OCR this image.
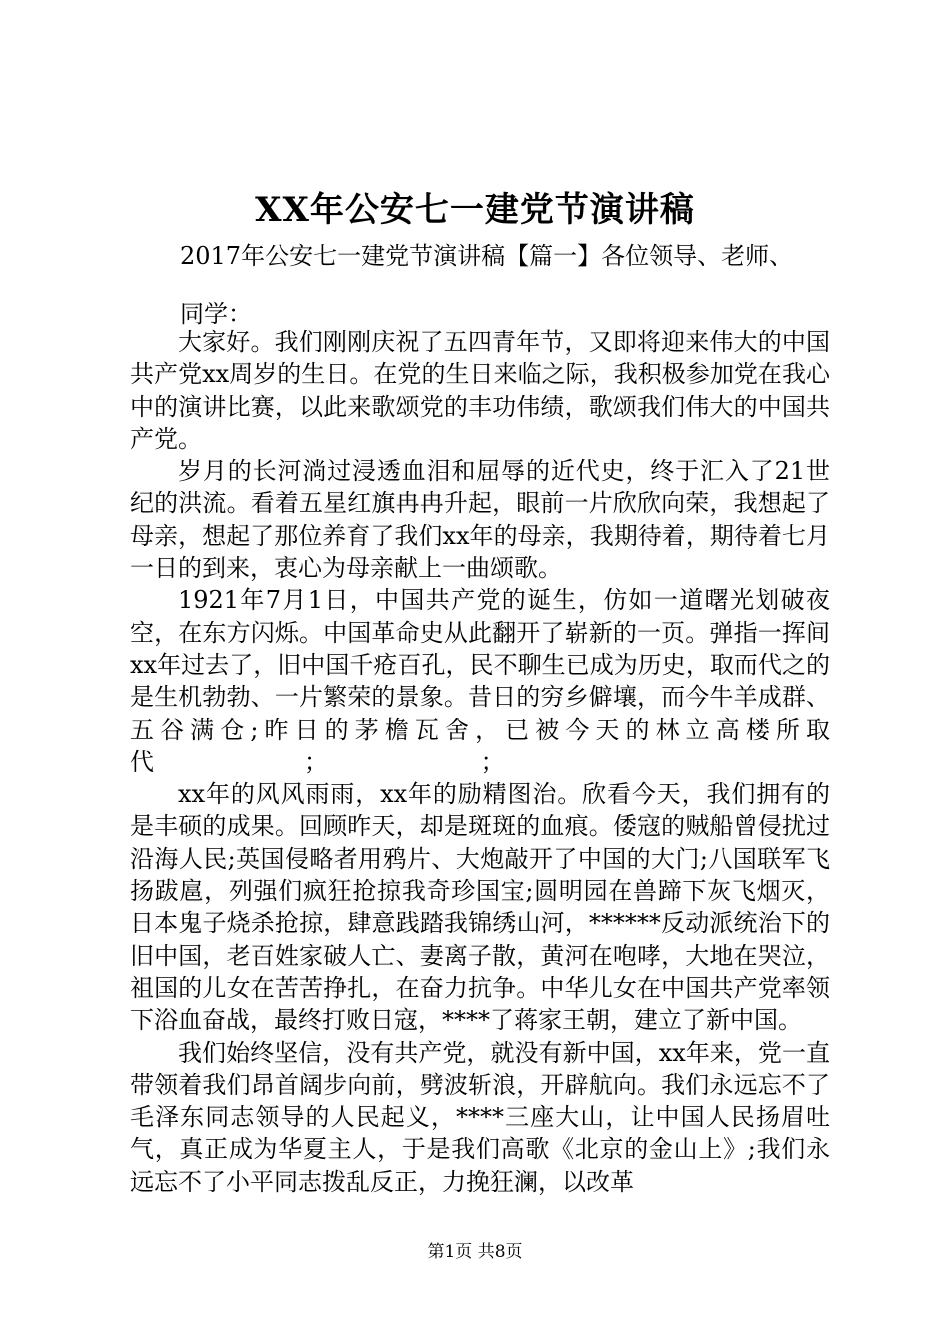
XX年公安七一建党节演讲稿
2017年公安七一建党节演讲稿【篇一】各位领导、老师、
同学：

大家好。我们刚刚庆祝了五四青年节，又即将迎来伟大的中国共产党xx周岁的生日。在党的生日来临之际，我积极参加党在我心中的演讲比赛，以此来歌颂党的丰功伟绩，歌颂我们伟大的中国共产党。

岁月的长河淌过浸透血泪和屈辱的近代史，终于汇入了21世纪的洪流。看着五星红旗冉冉升起，眼前一片欣欣向荣，我想起了母亲，想起了那位养育了我们xx年的母亲，我期待着，期待着七月一日的到来，衷心为母亲献上一曲颂歌。

1921年7月1日，中国共产党的诞生，仿如一道曙光划破夜空，在东方闪烁。中国革命史从此翻开了崭新的一页。弹指一挥间xx年过去了，旧中国千疮百孔，民不聊生已成为历史，取而代之的是生机勃勃、一片繁荣的景象。昔日的穷乡僻壤，而今牛羊成群、五谷满仓;昨日的茅檐瓦舍，已被今天的林立高楼所取代	；                    ；

xx年的风风雨雨，xx年的励精图治。欣看今天，我们拥有的是丰硕的成果。回顾昨天，却是斑斑的血痕。倭寇的贼船曾侵扰过沿海人民;英国侵略者用鸦片、大炮敲开了中国的大门;八国联军飞扬跋扈，列强们疯狂抢掠我奇珍国宝;圆明园在兽蹄下灰飞烟灭，日本鬼子烧杀抢掠，肆意践踏我锦绣山河，******反动派统治下的旧中国，老百姓家破人亡、妻离子散，黄河在咆哮，大地在哭泣，祖国的儿女在苦苦挣扎，在奋力抗争。中华儿女在中国共产党率领下浴血奋战，最终打败日寇，****了蒋家王朝，建立了新中国。

我们始终坚信，没有共产党，就没有新中国，xx年来，党一直带领着我们昂首阔步向前，劈波斩浪，开辟航向。我们永远忘不了毛泽东同志领导的人民起义，****三座大山，让中国人民扬眉吐气，真正成为华夏主人，于是我们高歌《北京的金山上》;我们永远忘不了小平同志拨乱反正，力挽狂澜，以改革

第1页 共8页
